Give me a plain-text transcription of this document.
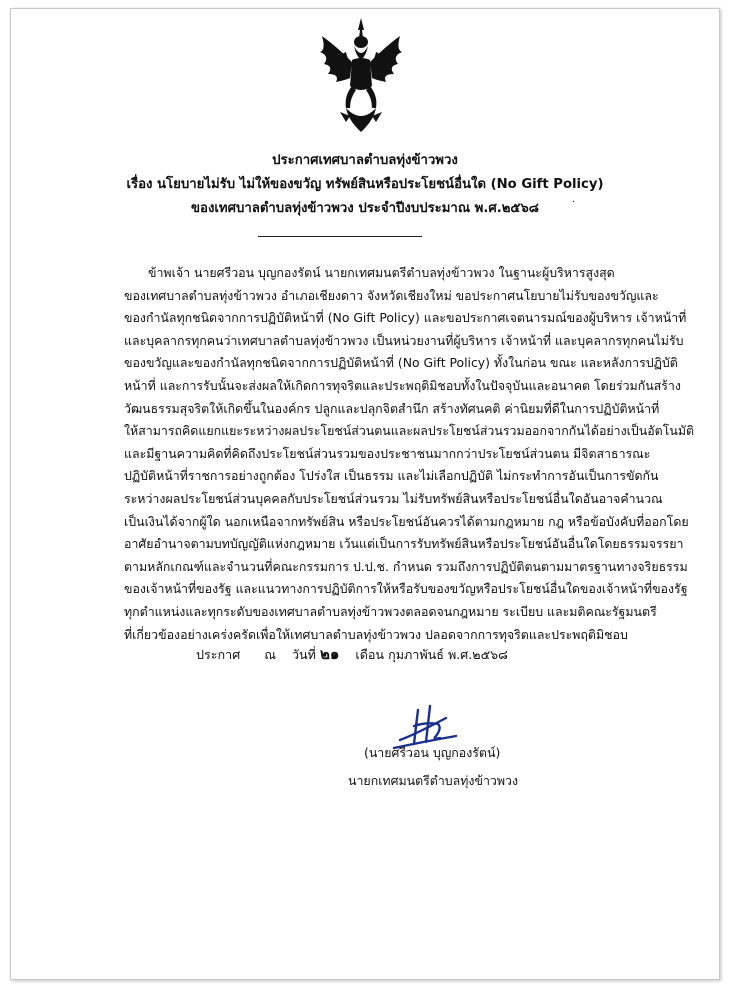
ประกาศเทศบาลตำบลทุ่งข้าวพวง
เรื่อง นโยบายไม่รับ ไม่ให้ของขวัญ ทรัพย์สินหรือประโยชน์อื่นใด (No Gift Policy)
ของเทศบาลตำบลทุ่งข้าวพวง ประจำปีงบประมาณ พ.ศ.๒๕๖๘	·

ข้าพเจ้า นายศรีวอน บุญกองรัตน์ นายกเทศมนตรีตำบลทุ่งข้าวพวง ในฐานะผู้บริหารสูงสุด

ของเทศบาลตำบลทุ่งข้าวพวง อำเภอเชียงดาว จังหวัดเชียงใหม่ ขอประกาศนโยบายไม่รับของขวัญและ

ของกำนัลทุกชนิดจากการปฏิบัติหน้าที่ (No Gift Policy) และขอประกาศเจตนารมณ์ของผู้บริหาร เจ้าหน้าที่

และบุคลากรทุกคนว่าเทศบาลตำบลทุ่งข้าวพวง เป็นหน่วยงานที่ผู้บริหาร เจ้าหน้าที่ และบุคลากรทุกคนไม่รับ

ของขวัญและของกำนัลทุกชนิดจากการปฏิบัติหน้าที่ (No Gift Policy) ทั้งในก่อน ขณะ และหลังการปฏิบัติ

หน้าที่ และการรับนั้นจะส่งผลให้เกิดการทุจริตและประพฤติมิชอบทั้งในปัจจุบันและอนาคต โดยร่วมกันสร้าง

วัฒนธรรมสุจริตให้เกิดขึ้นในองค์กร ปลูกและปลุกจิตสำนึก สร้างทัศนคติ ค่านิยมที่ดีในการปฏิบัติหน้าที่

ให้สามารถคิดแยกแยะระหว่างผลประโยชน์ส่วนตนและผลประโยชน์ส่วนรวมออกจากกันได้อย่างเป็นอัตโนมัติ

และมีฐานความคิดที่คิดถึงประโยชน์ส่วนรวมของประชาชนมากกว่าประโยชน์ส่วนตน มีจิตสาธารณะ

ปฏิบัติหน้าที่ราชการอย่างถูกต้อง โปร่งใส เป็นธรรม และไม่เลือกปฏิบัติ ไม่กระทำการอันเป็นการขัดกัน

ระหว่างผลประโยชน์ส่วนบุคคลกับประโยชน์ส่วนรวม ไม่รับทรัพย์สินหรือประโยชน์อื่นใดอันอาจคำนวณ

เป็นเงินได้จากผู้ใด นอกเหนือจากทรัพย์สิน หรือประโยชน์อันควรได้ตามกฎหมาย กฎ หรือข้อบังคับที่ออกโดย

อาศัยอำนาจตามบทบัญญัติแห่งกฎหมาย เว้นแต่เป็นการรับทรัพย์สินหรือประโยชน์อันอื่นใดโดยธรรมจรรยา

ตามหลักเกณฑ์และจำนวนที่คณะกรรมการ ป.ป.ช. กำหนด รวมถึงการปฏิบัติตนตามมาตรฐานทางจริยธรรม

ของเจ้าหน้าที่ของรัฐ และแนวทางการปฏิบัติการให้หรือรับของขวัญหรือประโยชน์อื่นใดของเจ้าหน้าที่ของรัฐ

ทุกตำแหน่งและทุกระดับของเทศบาลตำบลทุ่งข้าวพวงตลอดจนกฎหมาย ระเบียบ และมติคณะรัฐมนตรี

ที่เกี่ยวข้องอย่างเคร่งครัดเพื่อให้เทศบาลตำบลทุ่งข้าวพวง ปลอดจากการทุจริตและประพฤติมิชอบ

ประกาศ ณ วันที่ ๒๑ เดือน กุมภาพันธ์ พ.ศ.๒๕๖๘
(นายศรีวอน บุญกองรัตน์)
นายกเทศมนตรีตำบลทุ่งข้าวพวง
